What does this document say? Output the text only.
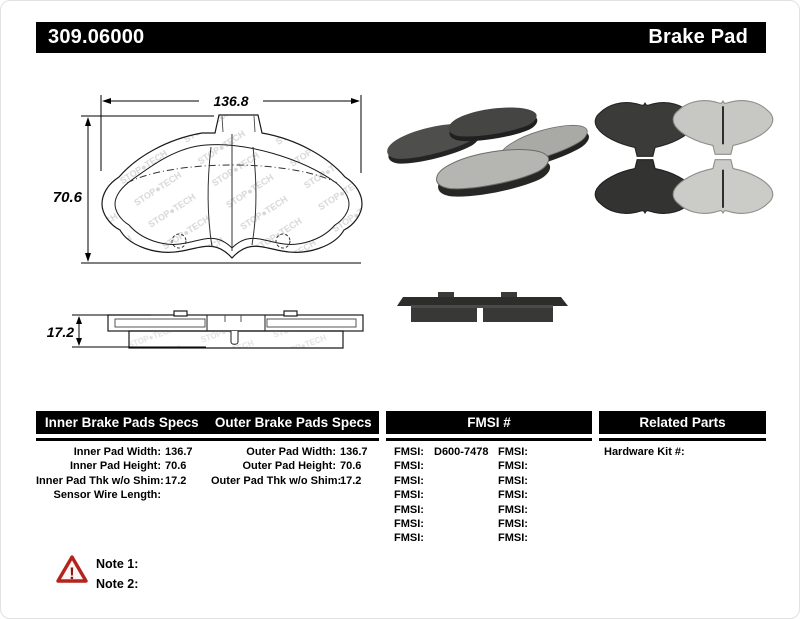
309.06000	Brake Pad
136.8
70.6
17.2
!
Inner Brake Pads Specs	Outer Brake Pads Specs	FMSI #	Related Parts
Inner Pad Width: 136.7
Inner Pad Height: 70.6
Inner Pad Thk w/o Shim: 17.2
Sensor Wire Length:
Outer Pad Width: 136.7
Outer Pad Height: 70.6
Outer Pad Thk w/o Shim:
17.2
FMSI: D600-7478
FMSI:
FMSI:
FMSI:
FMSI:
FMSI:
FMSI:
FMSI:
FMSI:
FMSI:
FMSI:
FMSI:
FMSI:
FMSI:
Hardware Kit #:
Note 1:
Note 2:
